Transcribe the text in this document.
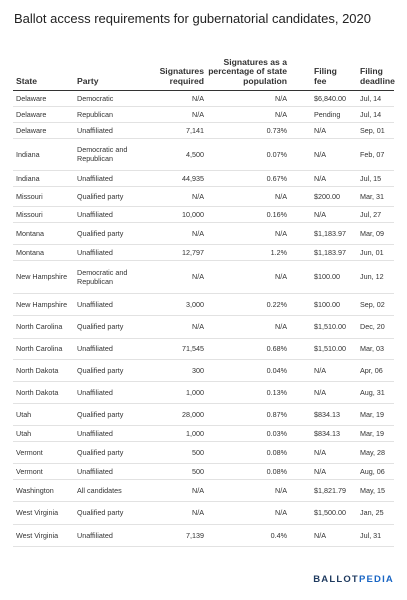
Ballot access requirements for gubernatorial candidates, 2020
State	Party	Signatures required	Signatures as a percentage of state population	Filing fee	Filing deadline
Delaware	Democratic	N/A	N/A	$6,840.00	Jul, 14
Delaware	Republican	N/A	N/A	Pending	Jul, 14
Delaware	Unaffiliated	7,141	0.73%	N/A	Sep, 01
Indiana	Democratic and Republican	4,500	0.07%	N/A	Feb, 07
Indiana	Unaffiliated	44,935	0.67%	N/A	Jul, 15
Missouri	Qualified party	N/A	N/A	$200.00	Mar, 31
Missouri	Unaffiliated	10,000	0.16%	N/A	Jul, 27
Montana	Qualified party	N/A	N/A	$1,183.97	Mar, 09
Montana	Unaffiliated	12,797	1.2%	$1,183.97	Jun, 01
New Hampshire	Democratic and Republican	N/A	N/A	$100.00	Jun, 12
New Hampshire	Unaffiliated	3,000	0.22%	$100.00	Sep, 02
North Carolina	Qualified party	N/A	N/A	$1,510.00	Dec, 20
North Carolina	Unaffiliated	71,545	0.68%	$1,510.00	Mar, 03
North Dakota	Qualified party	300	0.04%	N/A	Apr, 06
North Dakota	Unaffiliated	1,000	0.13%	N/A	Aug, 31
Utah	Qualified party	28,000	0.87%	$834.13	Mar, 19
Utah	Unaffiliated	1,000	0.03%	$834.13	Mar, 19
Vermont	Qualified party	500	0.08%	N/A	May, 28
Vermont	Unaffiliated	500	0.08%	N/A	Aug, 06
Washington	All candidates	N/A	N/A	$1,821.79	May, 15
West Virginia	Qualified party	N/A	N/A	$1,500.00	Jan, 25
West Virginia	Unaffiliated	7,139	0.4%	N/A	Jul, 31
BALLOTPEDIA
